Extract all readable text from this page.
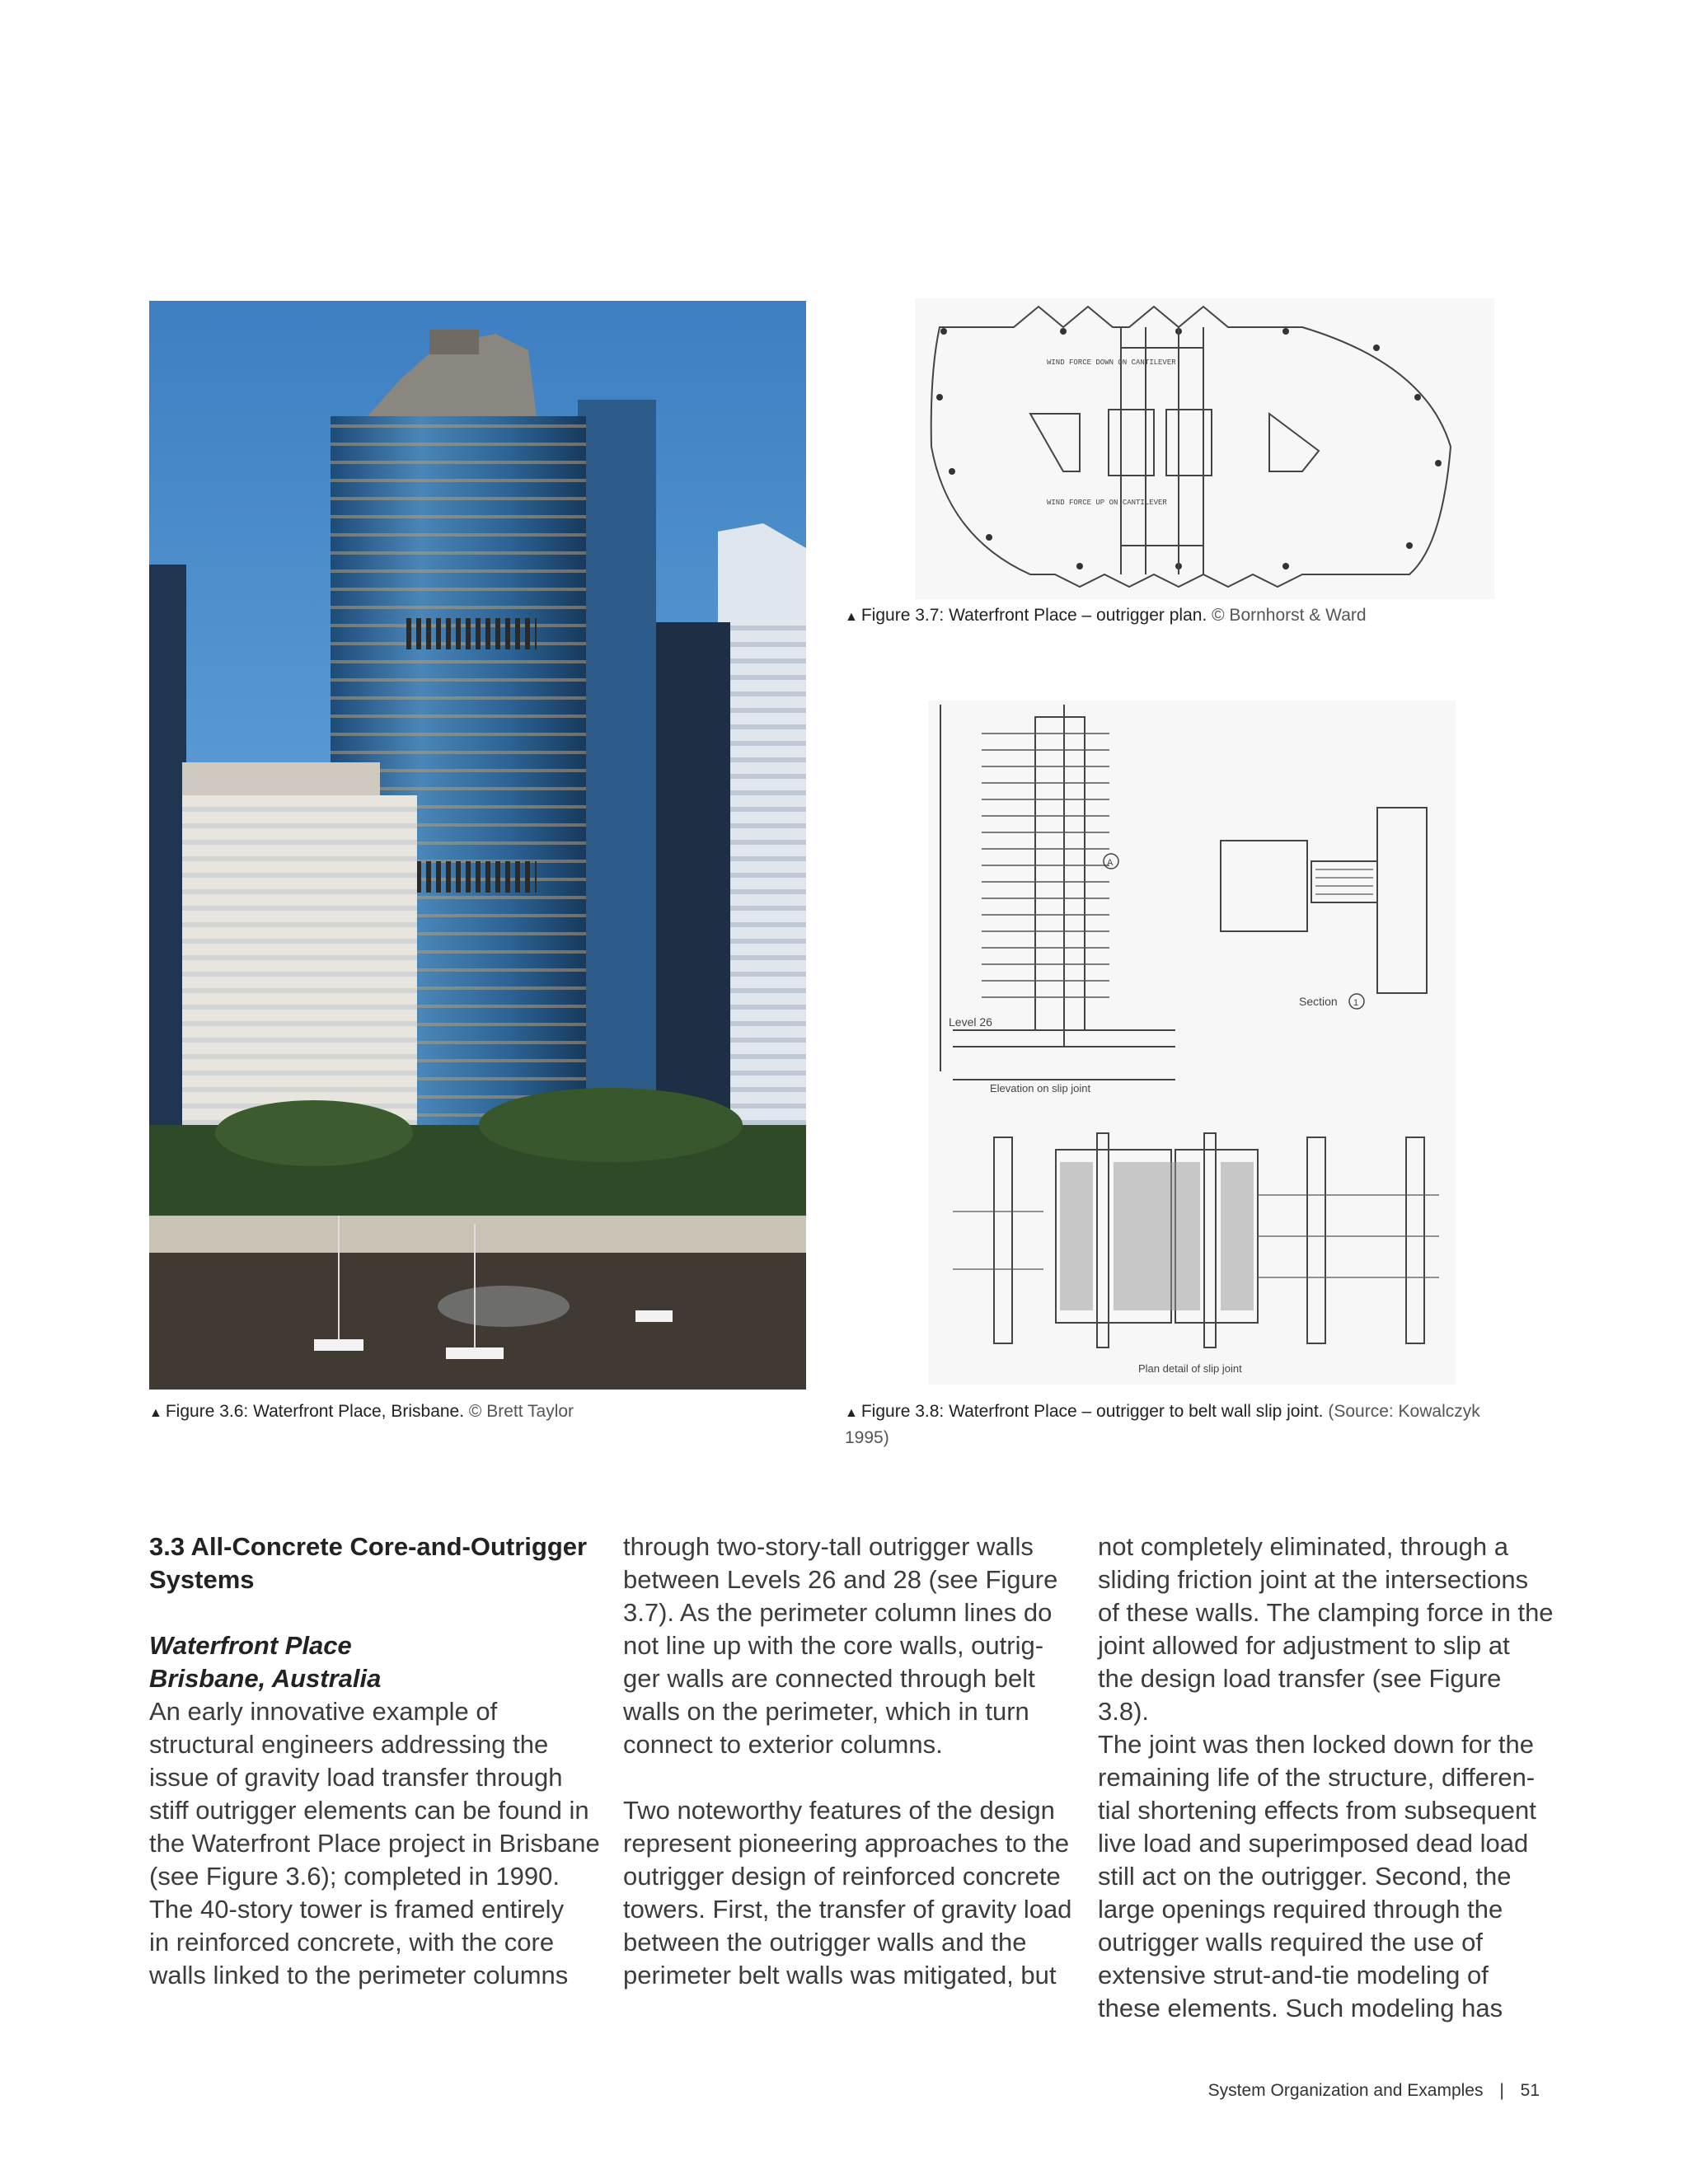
WIND FORCE DOWN ON CANTILEVER
WIND FORCE UP ON CANTILEVER
▲ Figure 3.7: Waterfront Place – outrigger plan. © Bornhorst & Ward
A
Level 26
Elevation on slip joint
Section 1
Plan detail of slip joint
▲ Figure 3.6: Waterfront Place, Brisbane. © Brett Taylor	▲ Figure 3.8: Waterfront Place – outrigger to belt wall slip joint. (Source: Kowalczyk 1995)

3.3 All-Concrete Core-and-Outrigger

Systems

Waterfront Place

Brisbane, Australia

An early innovative example of

structural engineers addressing the

issue of gravity load transfer through

stiff outrigger elements can be found in

the Waterfront Place project in Brisbane

(see Figure 3.6); completed in 1990.

The 40-story tower is framed entirely

in reinforced concrete, with the core

walls linked to the perimeter columns

through two-story-tall outrigger walls

between Levels 26 and 28 (see Figure

3.7). As the perimeter column lines do

not line up with the core walls, outrig-

ger walls are connected through belt

walls on the perimeter, which in turn

connect to exterior columns.

Two noteworthy features of the design

represent pioneering approaches to the

outrigger design of reinforced concrete

towers. First, the transfer of gravity load

between the outrigger walls and the

perimeter belt walls was mitigated, but

not completely eliminated, through a

sliding friction joint at the intersections

of these walls. The clamping force in the

joint allowed for adjustment to slip at

the design load transfer (see Figure 3.8).

The joint was then locked down for the

remaining life of the structure, differen-

tial shortening effects from subsequent

live load and superimposed dead load

still act on the outrigger. Second, the

large openings required through the

outrigger walls required the use of

extensive strut-and-tie modeling of

these elements. Such modeling has

System Organization and Examples | 51
